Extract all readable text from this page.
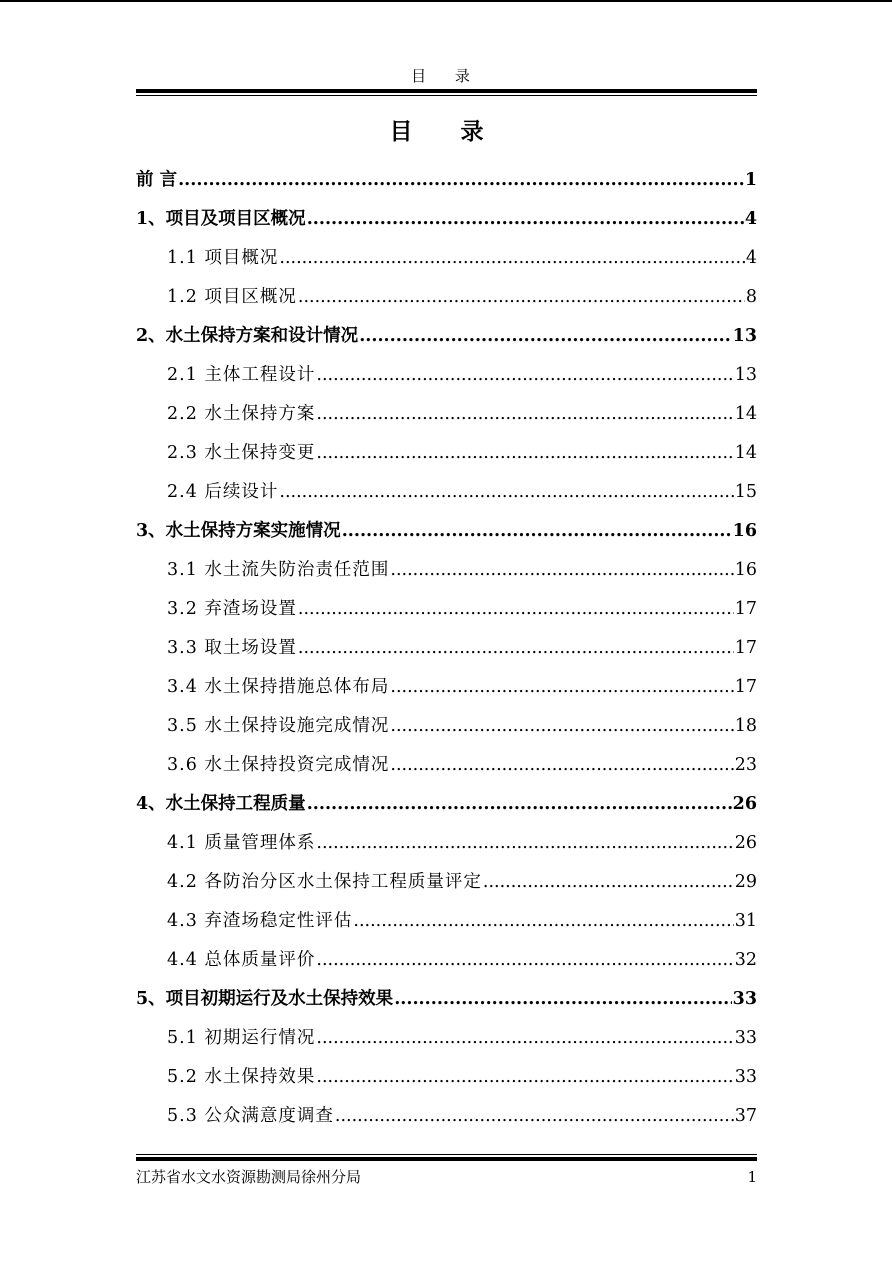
目 录
目 录
前 言 .....	1
1、项目及项目区概况 .....	4
1.1 项目概况 .....	4
1.2 项目区概况 .....	8
2、水土保持方案和设计情况 .....	13
2.1 主体工程设计 .....	13
2.2 水土保持方案 .....	14
2.3 水土保持变更 .....	14
2.4 后续设计 .....	15
3、水土保持方案实施情况 .....	16
3.1 水土流失防治责任范围 .....	16
3.2 弃渣场设置 .....	17
3.3 取土场设置 .....	17
3.4 水土保持措施总体布局 .....	17
3.5 水土保持设施完成情况 .....	18
3.6 水土保持投资完成情况 .....	23
4、水土保持工程质量 .....	26
4.1 质量管理体系 .....	26
4.2 各防治分区水土保持工程质量评定 .....	29
4.3 弃渣场稳定性评估 .....	31
4.4 总体质量评价 .....	32
5、项目初期运行及水土保持效果 .....	33
5.1 初期运行情况 .....	33
5.2 水土保持效果 .....	33
5.3 公众满意度调查 .....	37
江苏省水文水资源勘测局徐州分局	1
